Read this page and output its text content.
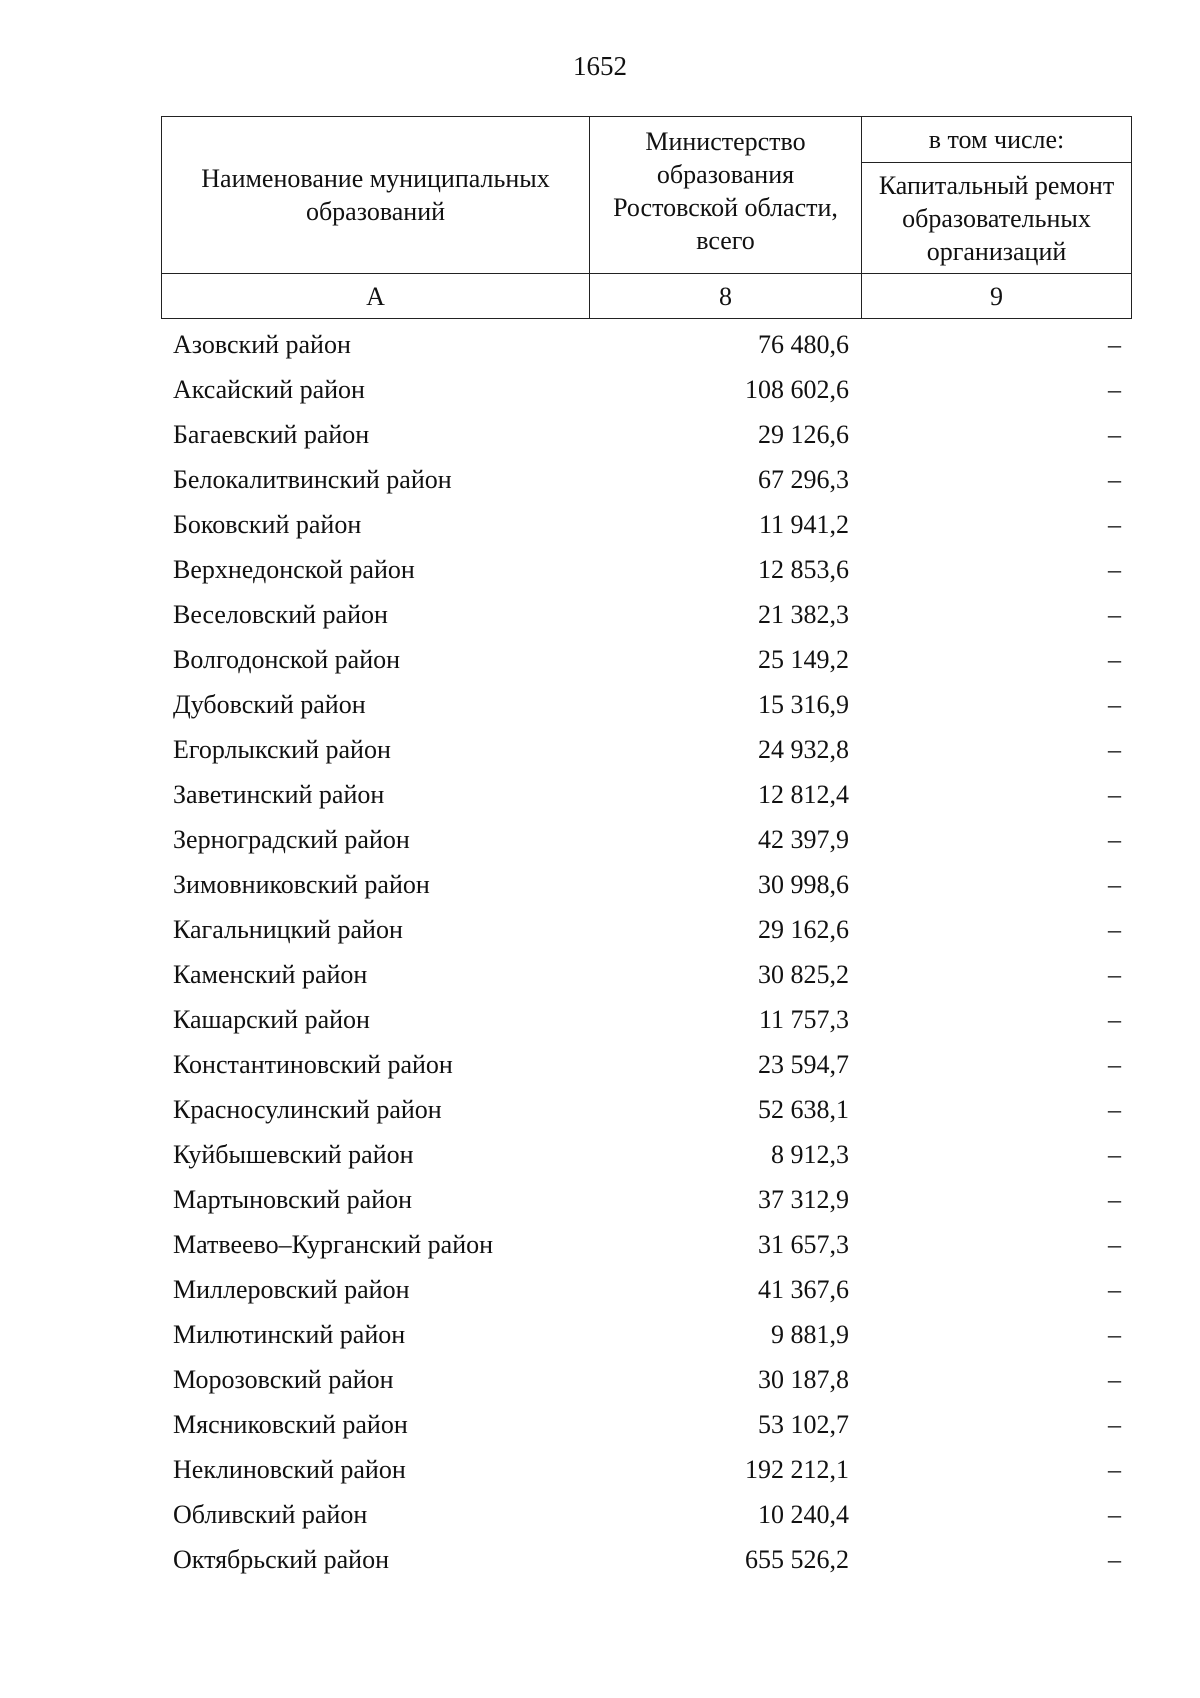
1652
Наименование муниципальных образований	Министерство образования Ростовской области, всего	в том числе:
		Капитальный ремонт образовательных организаций
А	8	9
Азовский район	76 480,6	–
Аксайский район	108 602,6	–
Багаевский район	29 126,6	–
Белокалитвинский район	67 296,3	–
Боковский район	11 941,2	–
Верхнедонской район	12 853,6	–
Веселовский район	21 382,3	–
Волгодонской район	25 149,2	–
Дубовский район	15 316,9	–
Егорлыкский район	24 932,8	–
Заветинский район	12 812,4	–
Зерноградский район	42 397,9	–
Зимовниковский район	30 998,6	–
Кагальницкий район	29 162,6	–
Каменский район	30 825,2	–
Кашарский район	11 757,3	–
Константиновский район	23 594,7	–
Красносулинский район	52 638,1	–
Куйбышевский район	8 912,3	–
Мартыновский район	37 312,9	–
Матвеево–Курганский район	31 657,3	–
Миллеровский район	41 367,6	–
Милютинский район	9 881,9	–
Морозовский район	30 187,8	–
Мясниковский район	53 102,7	–
Неклиновский район	192 212,1	–
Обливский район	10 240,4	–
Октябрьский район	655 526,2	–
